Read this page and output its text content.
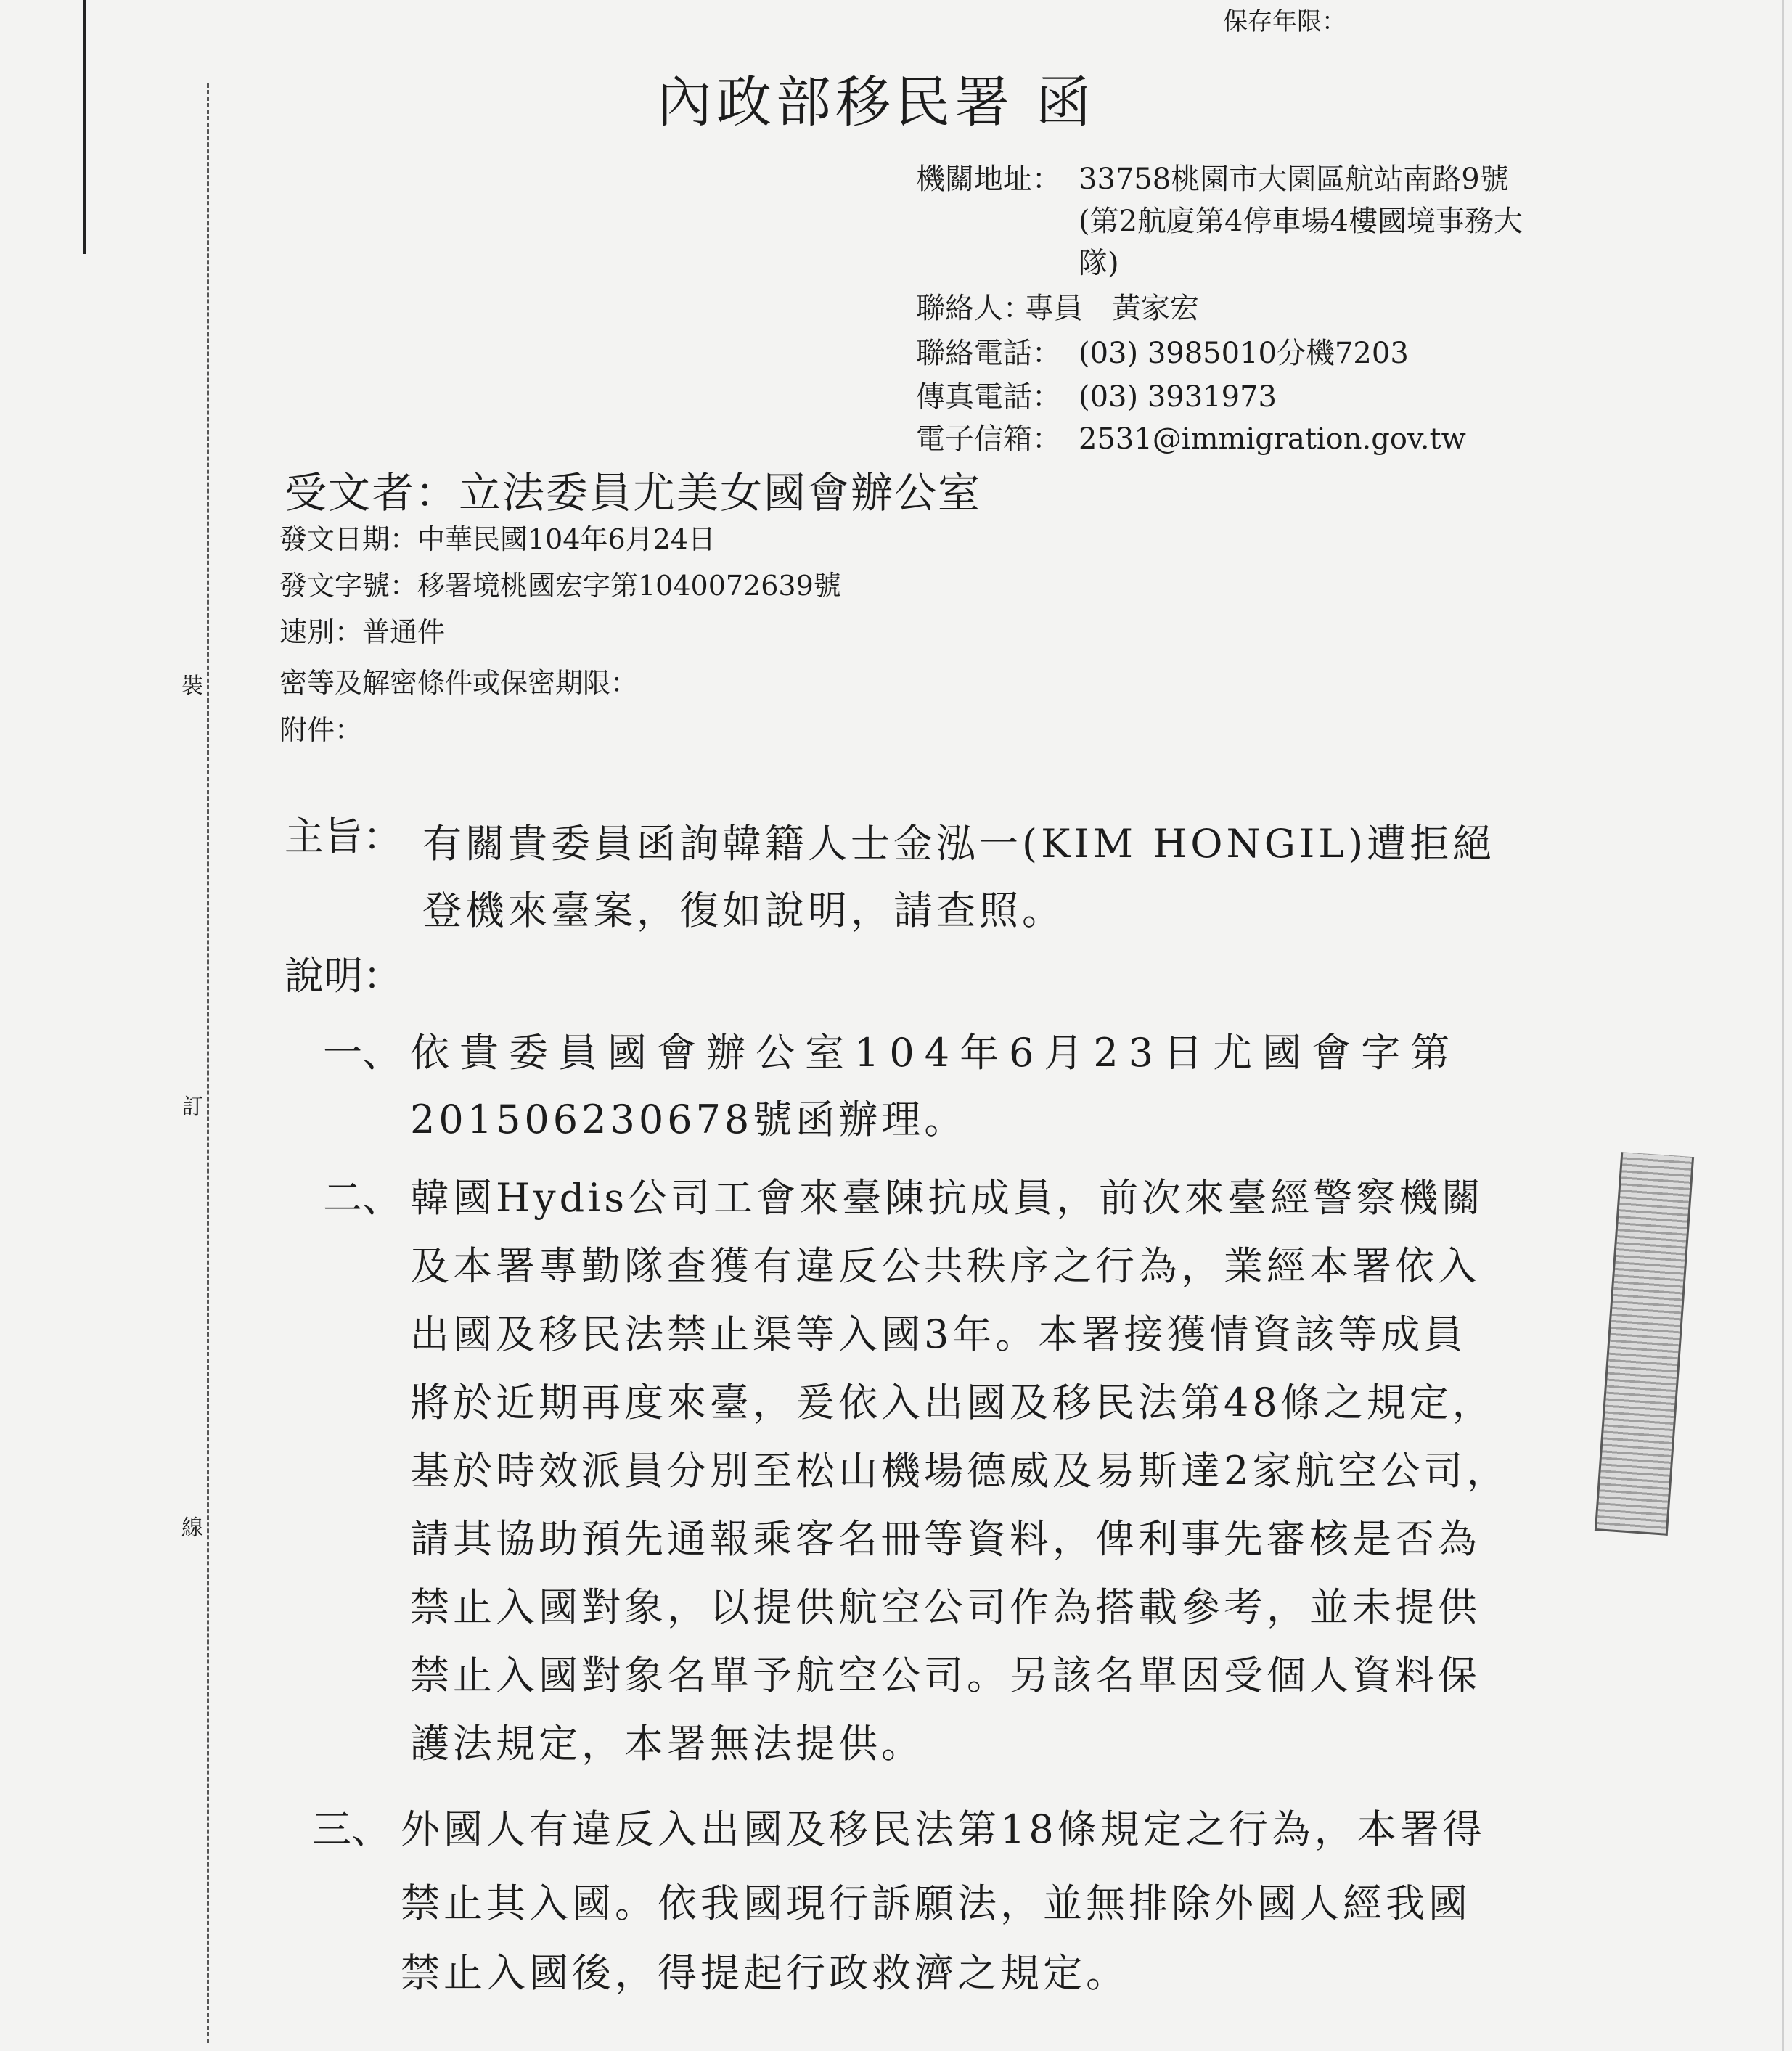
裝
訂
線
保存年限：
內政部移民署 函
機關地址： 33758桃園市大園區航站南路9號
(第2航廈第4停車場4樓國境事務大
隊)
聯絡人：
專員　黃家宏
聯絡電話： (03) 3985010分機7203
傳真電話： (03) 3931973
電子信箱： 2531@immigration.gov.tw
受文者：立法委員尤美女國會辦公室
發文日期：中華民國104年6月24日
發文字號：移署境桃國宏字第1040072639號
速別：普通件
密等及解密條件或保密期限：
附件：
主旨： 有關貴委員函詢韓籍人士金泓一(KIM HONGIL)遭拒絕
登機來臺案，復如說明，請查照。
說明：
一、 依貴委員國會辦公室104年6月23日尤國會字第
201506230678號函辦理。
二、 韓國Hydis公司工會來臺陳抗成員，前次來臺經警察機關
及本署專勤隊查獲有違反公共秩序之行為，業經本署依入
出國及移民法禁止渠等入國3年。本署接獲情資該等成員
將於近期再度來臺，爰依入出國及移民法第48條之規定，
基於時效派員分別至松山機場德威及易斯達2家航空公司，
請其協助預先通報乘客名冊等資料，俾利事先審核是否為
禁止入國對象，以提供航空公司作為搭載參考，並未提供
禁止入國對象名單予航空公司。另該名單因受個人資料保
護法規定，本署無法提供。
三、 外國人有違反入出國及移民法第18條規定之行為，本署得
禁止其入國。依我國現行訴願法，並無排除外國人經我國
禁止入國後，得提起行政救濟之規定。
